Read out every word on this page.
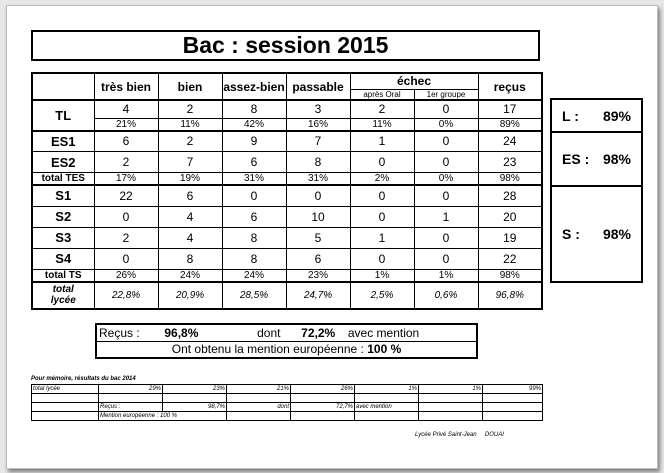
Bac : session 2015
	très bien	bien	assez-bien	passable	échec		reçus
					après Oral	1er groupe	
TL	4	2	8	3	2	0	17
	21%	11%	42%	16%	11%	0%	89%
ES1	6	2	9	7	1	0	24
ES2	2	7	6	8	0	0	23
total TES	17%	19%	31%	31%	2%	0%	98%
S1	22	6	0	0	0	0	28
S2	0	4	6	10	0	1	20
S3	2	4	8	5	1	0	19
S4	0	8	8	6	0	0	22
total TS	26%	24%	24%	23%	1%	1%	98%
total
lycée	22,8%	20,9%	28,5%	24,7%	2,5%	0,6%	96,8%
L : 89%

ES : 98%

S : 98%
Reçus : 96,8%	dont 72,2% avec mention
Ont obtenu la mention européenne : 100 %
Pour mémoire, résultats du bac 2014
total lycée	29%	23%	21%	26%	1%	1%	99%

	Reçus :	98,7%	dont	72,7%	avec mention		
	Mention européenne : 100 %						
Lycée Privé Saint-Jean     DOUAI
